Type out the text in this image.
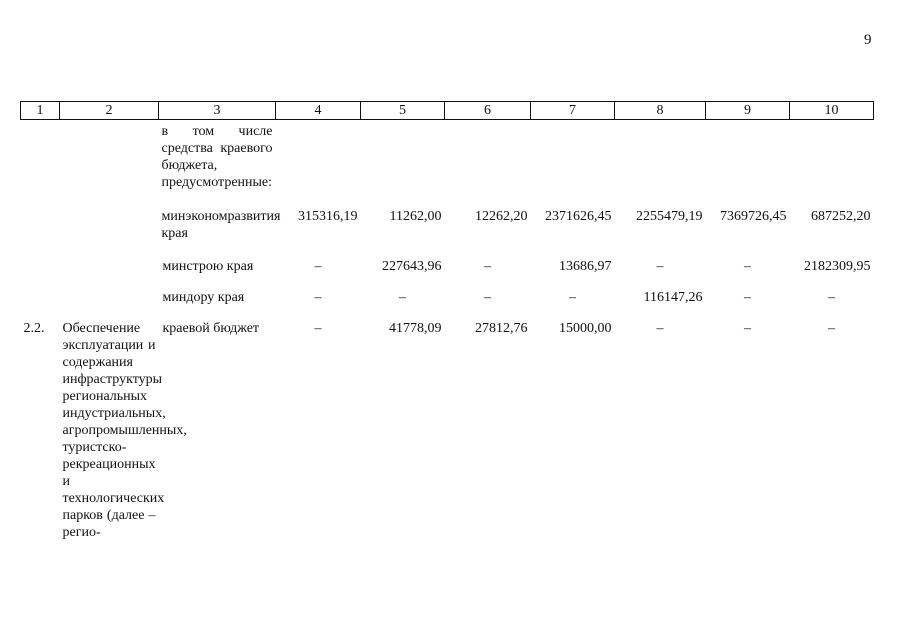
9
1	2	3	4	5	6	7	8	9	10

		в том числе средства краевого бюджета, предусмотренные:							

		минэкономразвития края	315316,19	11262,00	12262,20	2371626,45	2255479,19	7369726,45	687252,20
		минстрою края	–	227643,96	–	13686,97	–	–	2182309,95
		миндору края	–	–	–	–	116147,26	–	–
2.2.	Обеспечение эксплуатации и содержания инфраструктуры региональных индустриальных, агропромышленных, туристско-рекреационных и технологических парков (далее – регио-	краевой бюджет	–	41778,09	27812,76	15000,00	–	–	–
